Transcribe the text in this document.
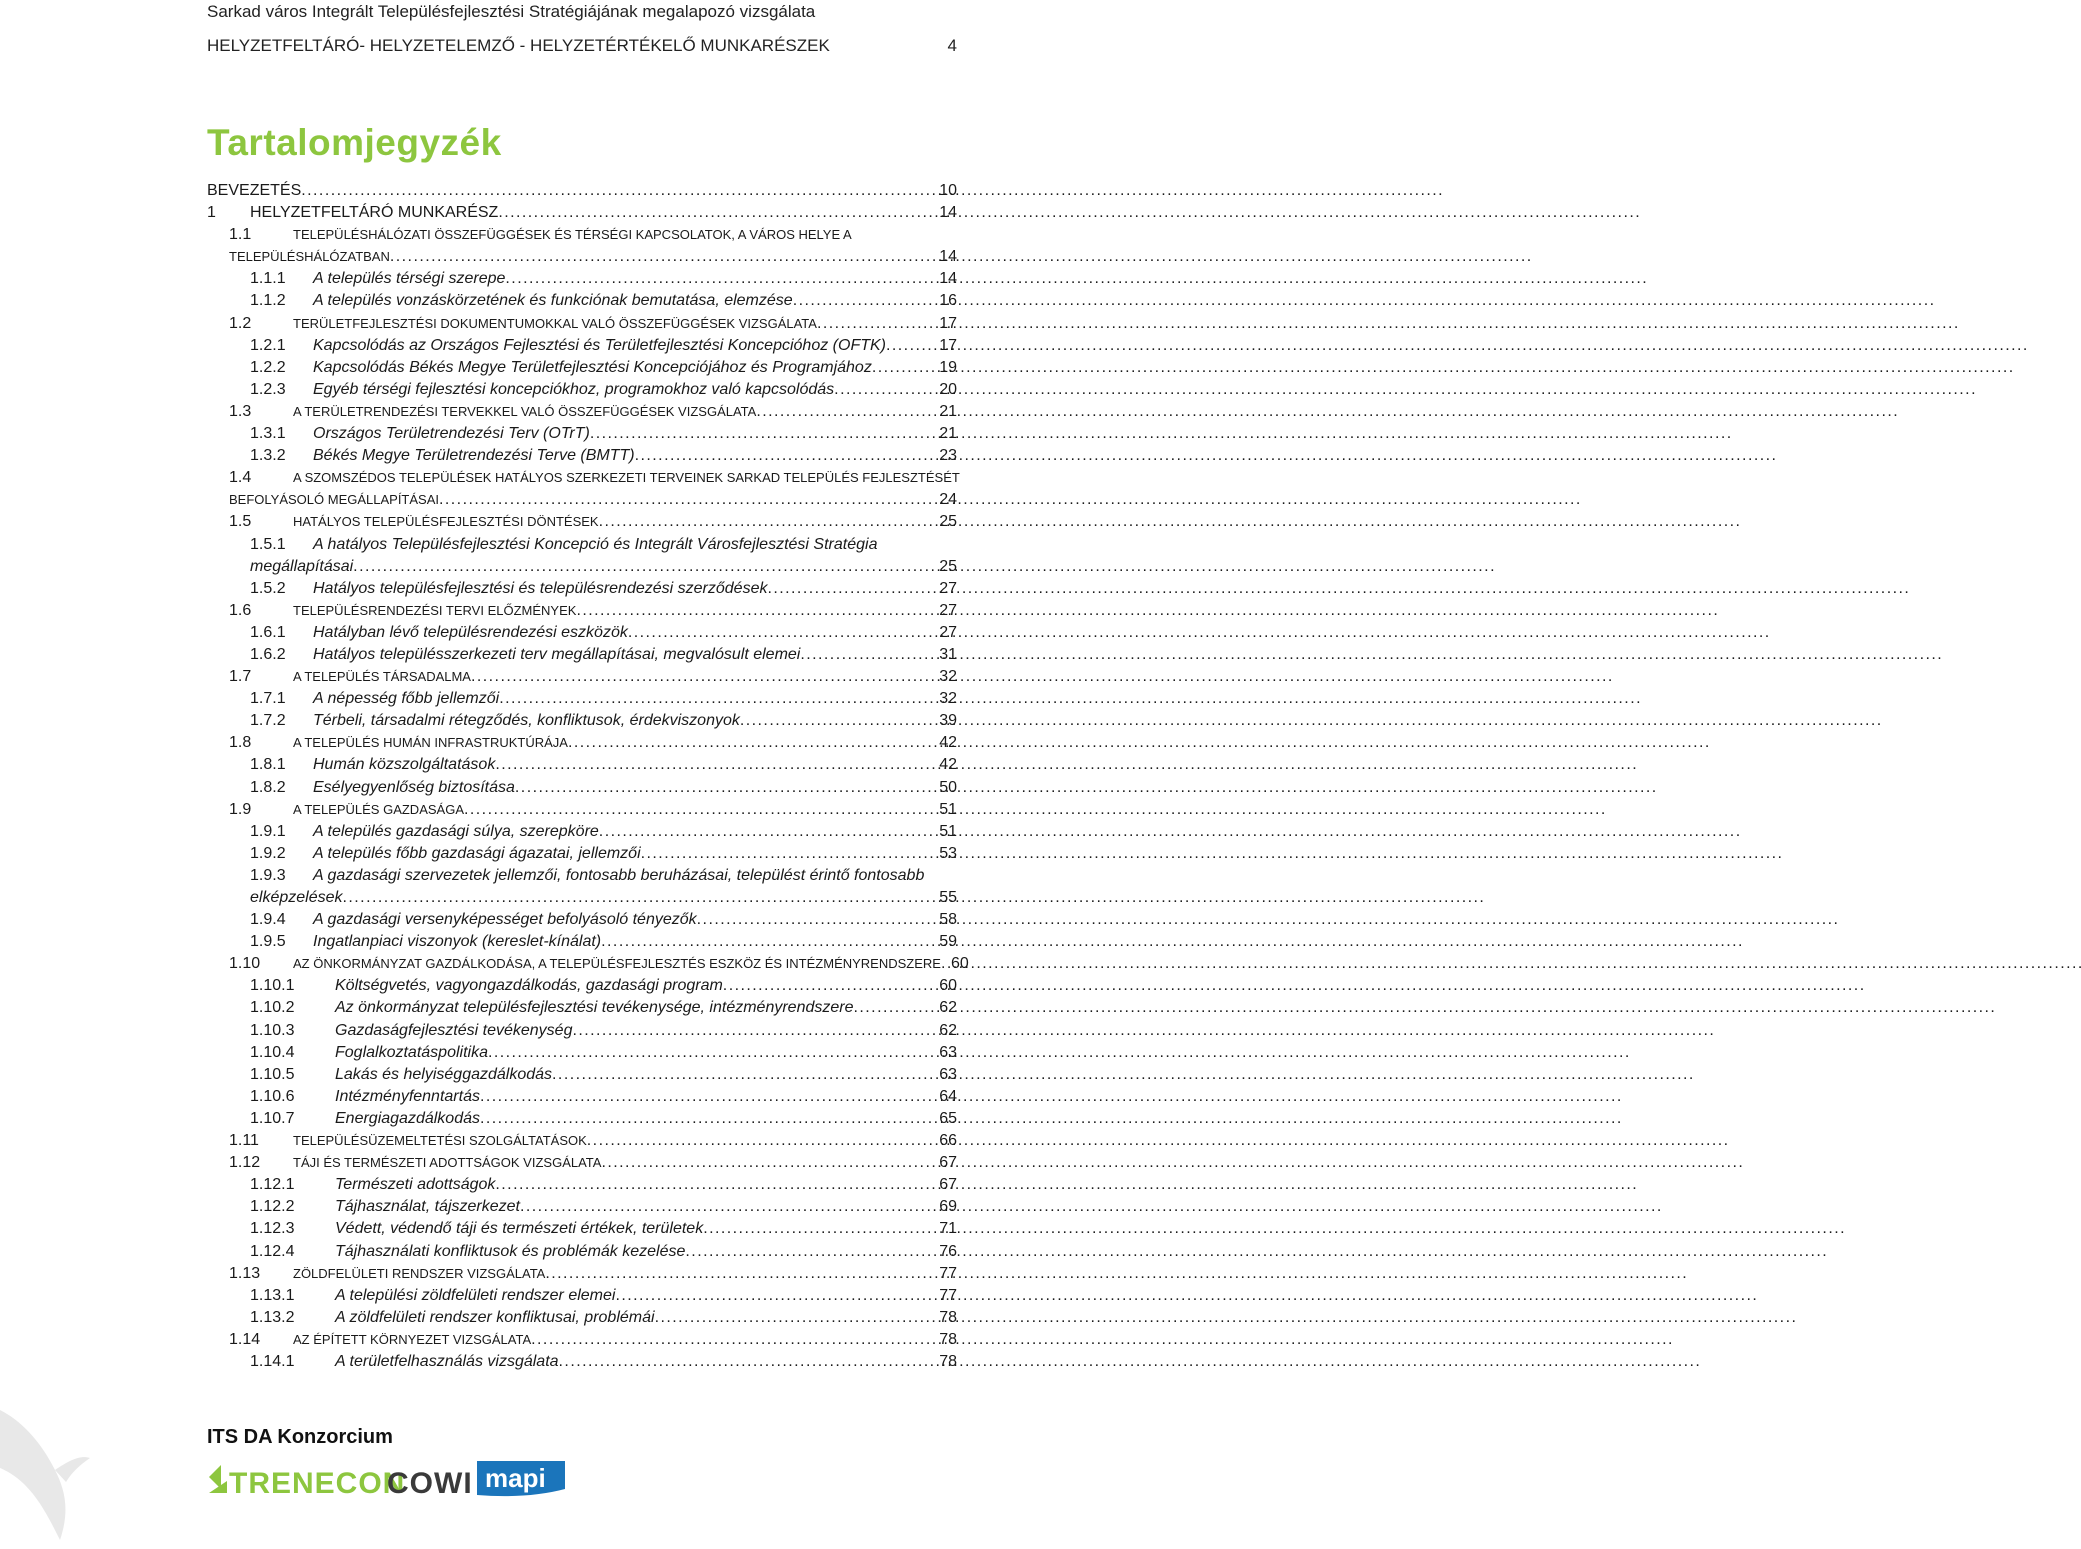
Sarkad város Integrált Településfejlesztési Stratégiájának megalapozó vizsgálata
HELYZETFELTÁRÓ- HELYZETELEMZŐ - HELYZETÉRTÉKELŐ MUNKARÉSZEK	4
Tartalomjegyzék
BEVEZETÉS . . .	10
1	HELYZETFELTÁRÓ MUNKARÉSZ . . .	14
1.1	TELEPÜLÉSHÁLÓZATI ÖSSZEFÜGGÉSEK ÉS TÉRSÉGI KAPCSOLATOK, A VÁROS HELYE A
TELEPÜLÉSHÁLÓZATBAN . . .	14
1.1.1	A település térségi szerepe . . .	14
1.1.2	A település vonzáskörzetének és funkciónak bemutatása, elemzése . . .	16
1.2	TERÜLETFEJLESZTÉSI DOKUMENTUMOKKAL VALÓ ÖSSZEFÜGGÉSEK VIZSGÁLATA . . .	17
1.2.1	Kapcsolódás az Országos Fejlesztési és Területfejlesztési Koncepcióhoz (OFTK) . . .	17
1.2.2	Kapcsolódás Békés Megye Területfejlesztési Koncepciójához és Programjához . . .	19
1.2.3	Egyéb térségi fejlesztési koncepciókhoz, programokhoz való kapcsolódás . . .	20
1.3	A TERÜLETRENDEZÉSI TERVEKKEL VALÓ ÖSSZEFÜGGÉSEK VIZSGÁLATA . . .	21
1.3.1	Országos Területrendezési Terv (OTrT) . . .	21
1.3.2	Békés Megye Területrendezési Terve (BMTT) . . .	23
1.4	A SZOMSZÉDOS TELEPÜLÉSEK HATÁLYOS SZERKEZETI TERVEINEK SARKAD TELEPÜLÉS FEJLESZTÉSÉT
BEFOLYÁSOLÓ MEGÁLLAPÍTÁSAI . . .	24
1.5	HATÁLYOS TELEPÜLÉSFEJLESZTÉSI DÖNTÉSEK . . .	25
1.5.1	A hatályos Településfejlesztési Koncepció és Integrált Városfejlesztési Stratégia
megállapításai . . .	25
1.5.2	Hatályos településfejlesztési és településrendezési szerződések . . .	27
1.6	TELEPÜLÉSRENDEZÉSI TERVI ELŐZMÉNYEK . . .	27
1.6.1	Hatályban lévő településrendezési eszközök . . .	27
1.6.2	Hatályos településszerkezeti terv megállapításai, megvalósult elemei . . .	31
1.7	A TELEPÜLÉS TÁRSADALMA . . .	32
1.7.1	A népesség főbb jellemzői . . .	32
1.7.2	Térbeli, társadalmi rétegződés, konfliktusok, érdekviszonyok . . .	39
1.8	A TELEPÜLÉS HUMÁN INFRASTRUKTÚRÁJA . . .	42
1.8.1	Humán közszolgáltatások . . .	42
1.8.2	Esélyegyenlőség biztosítása . . .	50
1.9	A TELEPÜLÉS GAZDASÁGA . . .	51
1.9.1	A település gazdasági súlya, szerepköre . . .	51
1.9.2	A település főbb gazdasági ágazatai, jellemzői . . .	53
1.9.3	A gazdasági szervezetek jellemzői, fontosabb beruházásai, települést érintő fontosabb
elképzelések . . .	55
1.9.4	A gazdasági versenyképességet befolyásoló tényezők . . .	58
1.9.5	Ingatlanpiaci viszonyok (kereslet-kínálat) . . .	59
1.10	AZ ÖNKORMÁNYZAT GAZDÁLKODÁSA, A TELEPÜLÉSFEJLESZTÉS ESZKÖZ ÉS INTÉZMÉNYRENDSZERE . . . 60
1.10.1	Költségvetés, vagyongazdálkodás, gazdasági program . . .	60
1.10.2	Az önkormányzat településfejlesztési tevékenysége, intézményrendszere . . .	62
1.10.3	Gazdaságfejlesztési tevékenység . . .	62
1.10.4	Foglalkoztatáspolitika . . .	63
1.10.5	Lakás és helyiséggazdálkodás . . .	63
1.10.6	Intézményfenntartás . . .	64
1.10.7	Energiagazdálkodás . . .	65
1.11	TELEPÜLÉSÜZEMELTETÉSI SZOLGÁLTATÁSOK . . .	66
1.12	TÁJI ÉS TERMÉSZETI ADOTTSÁGOK VIZSGÁLATA . . .	67
1.12.1	Természeti adottságok . . .	67
1.12.2	Tájhasználat, tájszerkezet . . .	69
1.12.3	Védett, védendő táji és természeti értékek, területek . . .	71
1.12.4	Tájhasználati konfliktusok és problémák kezelése . . .	76
1.13	ZÖLDFELÜLETI RENDSZER VIZSGÁLATA . . .	77
1.13.1	A települési zöldfelületi rendszer elemei . . .	77
1.13.2	A zöldfelületi rendszer konfliktusai, problémái . . .	78
1.14	AZ ÉPÍTETT KÖRNYEZET VIZSGÁLATA . . .	78
1.14.1	A területfelhasználás vizsgálata . . .	78
ITS DA Konzorcium
TRENECON
COWI mapi
